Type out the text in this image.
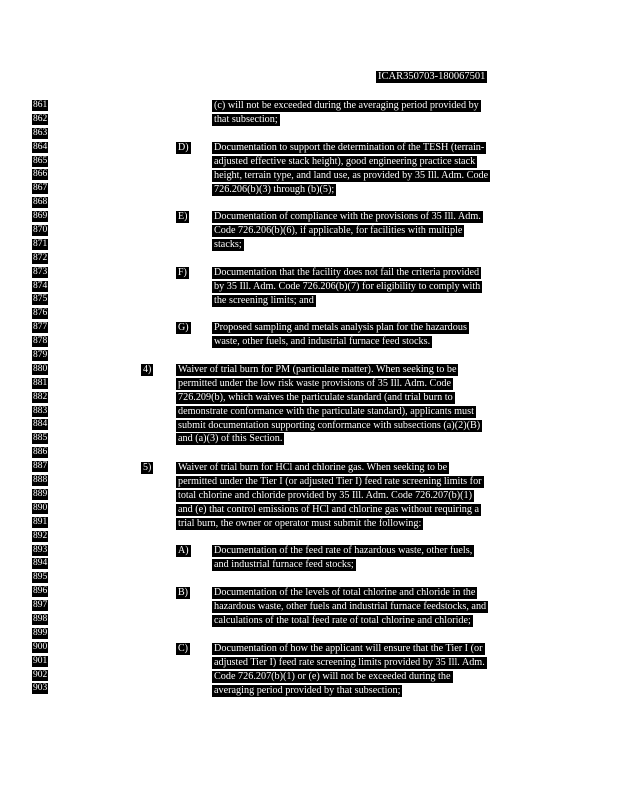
ICAR350703-180067501
861
862
863
864
865
866
867
868
869
870
871
872
873
874
875
876
877
878
879
880
881
882
883
884
885
886
887
888
889
890
891
892
893
894
895
896
897
898
899
900
901
902
903
(c) will not be exceeded during the averaging period provided by
that subsection;
D) Documentation to support the determination of the TESH (terrain-
adjusted effective stack height), good engineering practice stack
height, terrain type, and land use, as provided by 35 Ill. Adm. Code
726.206(b)(3) through (b)(5);
E)	Documentation of compliance with the provisions of 35 Ill. Adm.
Code 726.206(b)(6), if applicable, for facilities with multiple
stacks;
F)	Documentation that the facility does not fail the criteria provided
by 35 Ill. Adm. Code 726.206(b)(7) for eligibility to comply with
the screening limits; and
G) Proposed sampling and metals analysis plan for the hazardous
waste, other fuels, and industrial furnace feed stocks.
4)	Waiver of trial burn for PM (particulate matter). When seeking to be
permitted under the low risk waste provisions of 35 Ill. Adm. Code
726.209(b), which waives the particulate standard (and trial burn to
demonstrate conformance with the particulate standard), applicants must
submit documentation supporting conformance with subsections (a)(2)(B)
and (a)(3) of this Section.
5)	Waiver of trial burn for HCl and chlorine gas. When seeking to be
permitted under the Tier I (or adjusted Tier I) feed rate screening limits for
total chlorine and chloride provided by 35 Ill. Adm. Code 726.207(b)(1)
and (e) that control emissions of HCl and chlorine gas without requiring a
trial burn, the owner or operator must submit the following:
A) Documentation of the feed rate of hazardous waste, other fuels,
and industrial furnace feed stocks;
B)	Documentation of the levels of total chlorine and chloride in the
hazardous waste, other fuels and industrial furnace feedstocks, and
calculations of the total feed rate of total chlorine and chloride;
C)	Documentation of how the applicant will ensure that the Tier I (or
adjusted Tier I) feed rate screening limits provided by 35 Ill. Adm.
Code 726.207(b)(1) or (e) will not be exceeded during the
averaging period provided by that subsection;
